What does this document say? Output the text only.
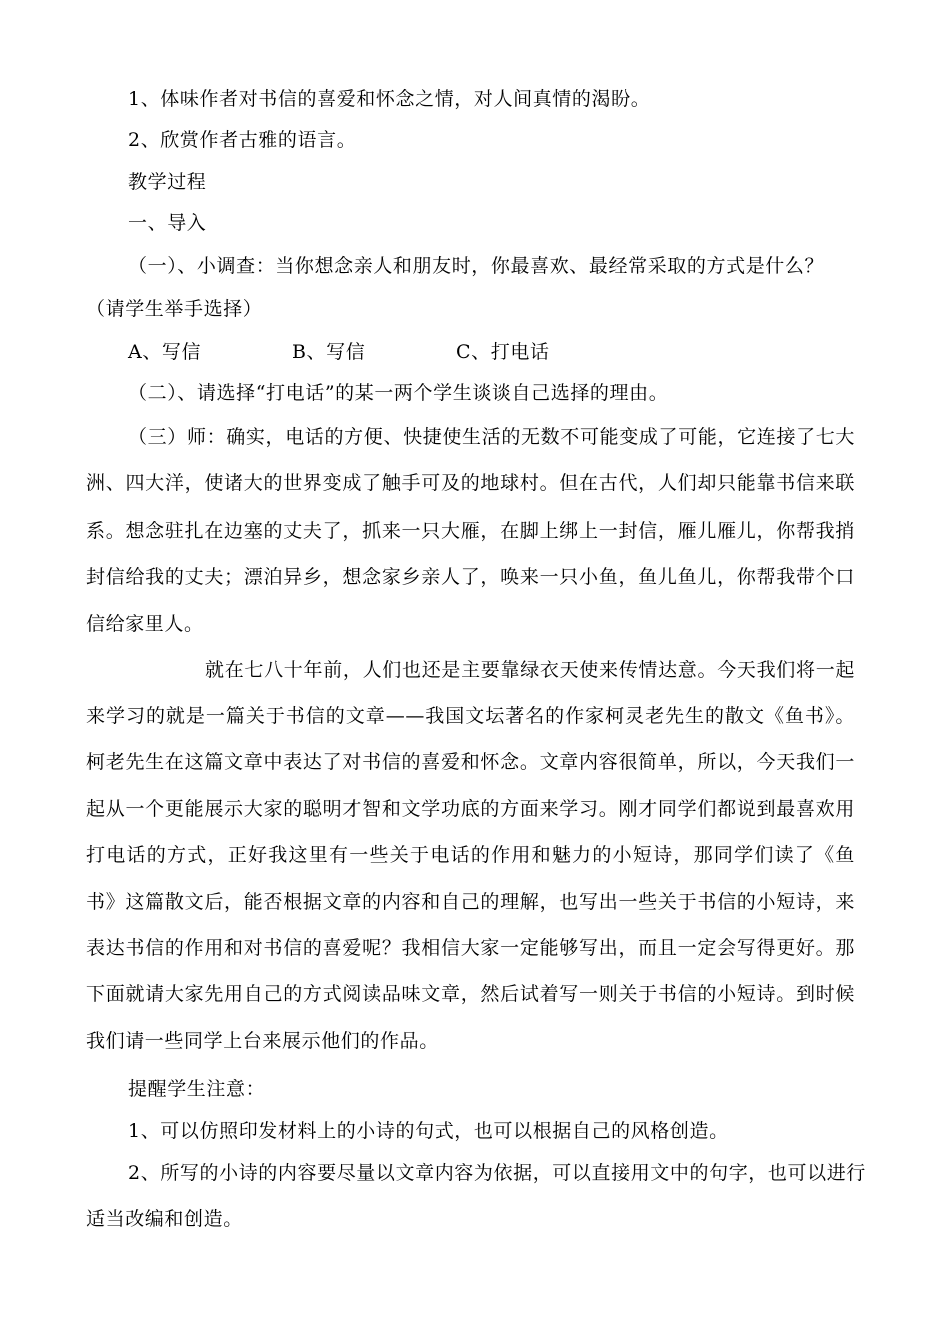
1、体味作者对书信的喜爱和怀念之情，对人间真情的渴盼。
2、欣赏作者古雅的语言。
教学过程
一、导入
（一）、小调查：当你想念亲人和朋友时，你最喜欢、最经常采取的方式是什么？
（请学生举手选择）
A、写信	B、写信	C、打电话
（二）、请选择“打电话”的某一两个学生谈谈自己选择的理由。
（三）师：确实，电话的方便、快捷使生活的无数不可能变成了可能，它连接了七大
洲、四大洋，使诸大的世界变成了触手可及的地球村。但在古代，人们却只能靠书信来联
系。想念驻扎在边塞的丈夫了，抓来一只大雁，在脚上绑上一封信，雁儿雁儿，你帮我捎
封信给我的丈夫；漂泊异乡，想念家乡亲人了，唤来一只小鱼，鱼儿鱼儿，你帮我带个口
信给家里人。
就在七八十年前，人们也还是主要靠绿衣天使来传情达意。今天我们将一起
来学习的就是一篇关于书信的文章——我国文坛著名的作家柯灵老先生的散文《鱼书》。
柯老先生在这篇文章中表达了对书信的喜爱和怀念。文章内容很简单，所以，今天我们一
起从一个更能展示大家的聪明才智和文学功底的方面来学习。刚才同学们都说到最喜欢用
打电话的方式，正好我这里有一些关于电话的作用和魅力的小短诗，那同学们读了《鱼
书》这篇散文后，能否根据文章的内容和自己的理解，也写出一些关于书信的小短诗，来
表达书信的作用和对书信的喜爱呢？我相信大家一定能够写出，而且一定会写得更好。那
下面就请大家先用自己的方式阅读品味文章，然后试着写一则关于书信的小短诗。到时候
我们请一些同学上台来展示他们的作品。
提醒学生注意：
1、可以仿照印发材料上的小诗的句式，也可以根据自己的风格创造。
2、所写的小诗的内容要尽量以文章内容为依据，可以直接用文中的句字，也可以进行
适当改编和创造。
